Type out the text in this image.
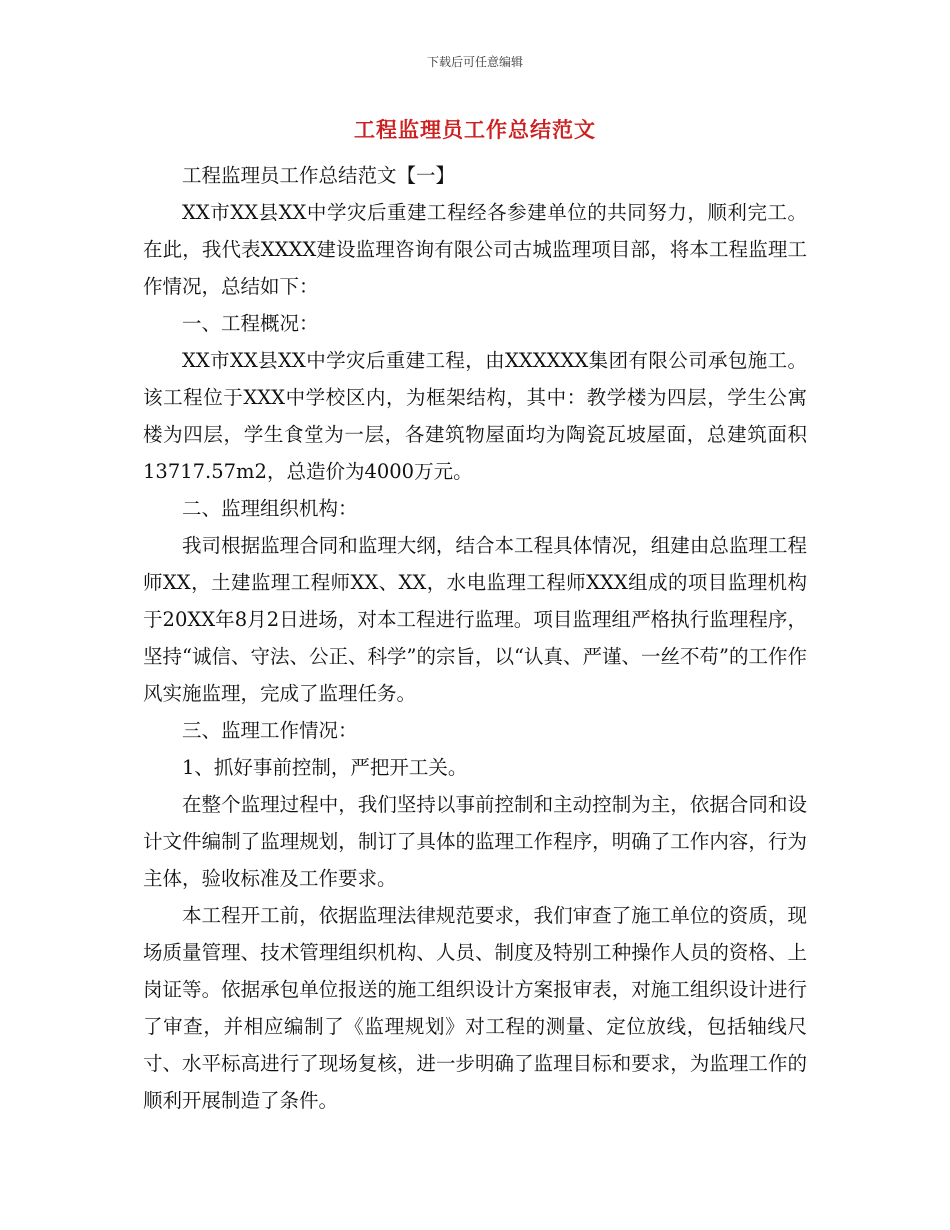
下载后可任意编辑
工程监理员工作总结范文

工程监理员工作总结范文【一】

XX市XX县XX中学灾后重建工程经各参建单位的共同努力，顺利完工。在此，我代表XXXX建设监理咨询有限公司古城监理项目部，将本工程监理工作情况，总结如下：

一、工程概况：

XX市XX县XX中学灾后重建工程，由XXXXXX集团有限公司承包施工。该工程位于XXX中学校区内，为框架结构，其中：教学楼为四层，学生公寓楼为四层，学生食堂为一层，各建筑物屋面均为陶瓷瓦坡屋面，总建筑面积13717.57m2，总造价为4000万元。

二、监理组织机构：

我司根据监理合同和监理大纲，结合本工程具体情况，组建由总监理工程师XX，土建监理工程师XX、XX，水电监理工程师XXX组成的项目监理机构于20XX年8月2日进场，对本工程进行监理。项目监理组严格执行监理程序，坚持“诚信、守法、公正、科学”的宗旨，以“认真、严谨、一丝不苟”的工作作风实施监理，完成了监理任务。

三、监理工作情况：

1、抓好事前控制，严把开工关。

在整个监理过程中，我们坚持以事前控制和主动控制为主，依据合同和设计文件编制了监理规划，制订了具体的监理工作程序，明确了工作内容，行为主体，验收标准及工作要求。

本工程开工前，依据监理法律规范要求，我们审查了施工单位的资质，现场质量管理、技术管理组织机构、人员、制度及特别工种操作人员的资格、上岗证等。依据承包单位报送的施工组织设计方案报审表，对施工组织设计进行了审查，并相应编制了《监理规划》对工程的测量、定位放线，包括轴线尺寸、水平标高进行了现场复核，进一步明确了监理目标和要求，为监理工作的顺利开展制造了条件。
